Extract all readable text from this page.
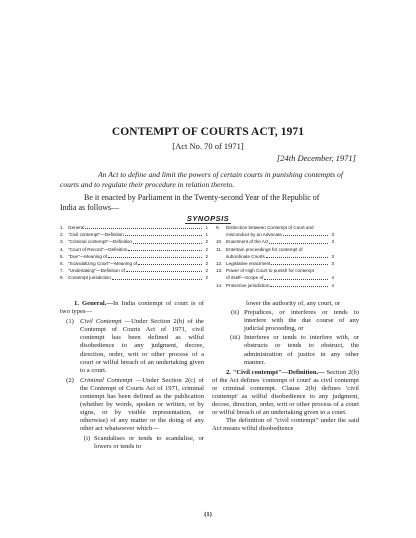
CONTEMPT OF COURTS ACT, 1971
[Act No. 70 of 1971]
[24th December, 1971]
An Act to define and limit the powers of certain courts in punishing contempts of
courts and to regulate their procedure in relation thereto.
Be it enacted by Parliament in the Twenty-second Year of the Republic of
India as follows—
SYNOPSIS
1. General	1
2. "Civil contempt"—Definition	1
3. "Criminal contempt"—Definition	2
4. "Court of Record"—Definition	2
5. "Due"—Meaning of	2
6. "Scandalizing Court"—Meaning of	2
7. "Undertaking"—Definition of	2
8. Contempt jurisdiction	2
9.	Distinction between Contempt of Court and
misconduct by an Advocate	3
10. Enactment of the Act	3
11. Entertain proceedings for contempt of
subordinate Courts	3
12. Legislative enactment	3
13. Power of High Court to punish for contempt
of itself—Scope of	4
14. Protective jurisdiction	4

1. General.—In India contempt of court is of two types—

(1) Civil Contempt —Under Section 2(b) of the Contempt of Courts Act of 1971, civil contempt has been defined as wilful disobedience to any judgment, decree, direction, order, writ or other process of a court or wilful breach of an undertaking given to a court.
(2) Criminal Contempt —Under Section 2(c) of the Contempt of Courts Act of 1971, criminal contempt has been defined as the publication (whether by words, spoken or written, or by signs, or by visible representation, or otherwise) of any matter or the doing of any other act whatsoever which—
(i) Scandalises or tends to scandalise, or lowers or tends to

lower the authority of, any court, or

(ii) Prejudices, or interferes or tends to interfere with the due course of any judicial proceeding, or
(iii) Interferes or tends to interfere with, or obstructs or tends to obstruct, the administration of justice in any other manner.

2. "Civil contempt"—Definition.— Section 2(b) of the Act defines 'contempt of court' as civil contempt or criminal contempt. Clause 2(b) defines 'civil contempt' as wilful disobedience to any judgment, decree, direction, order, writ or other process of a court or wilful breach of an undertaking given to a court.

The definition of "civil contempt" under the said Act means wilful disobedience

(1)
